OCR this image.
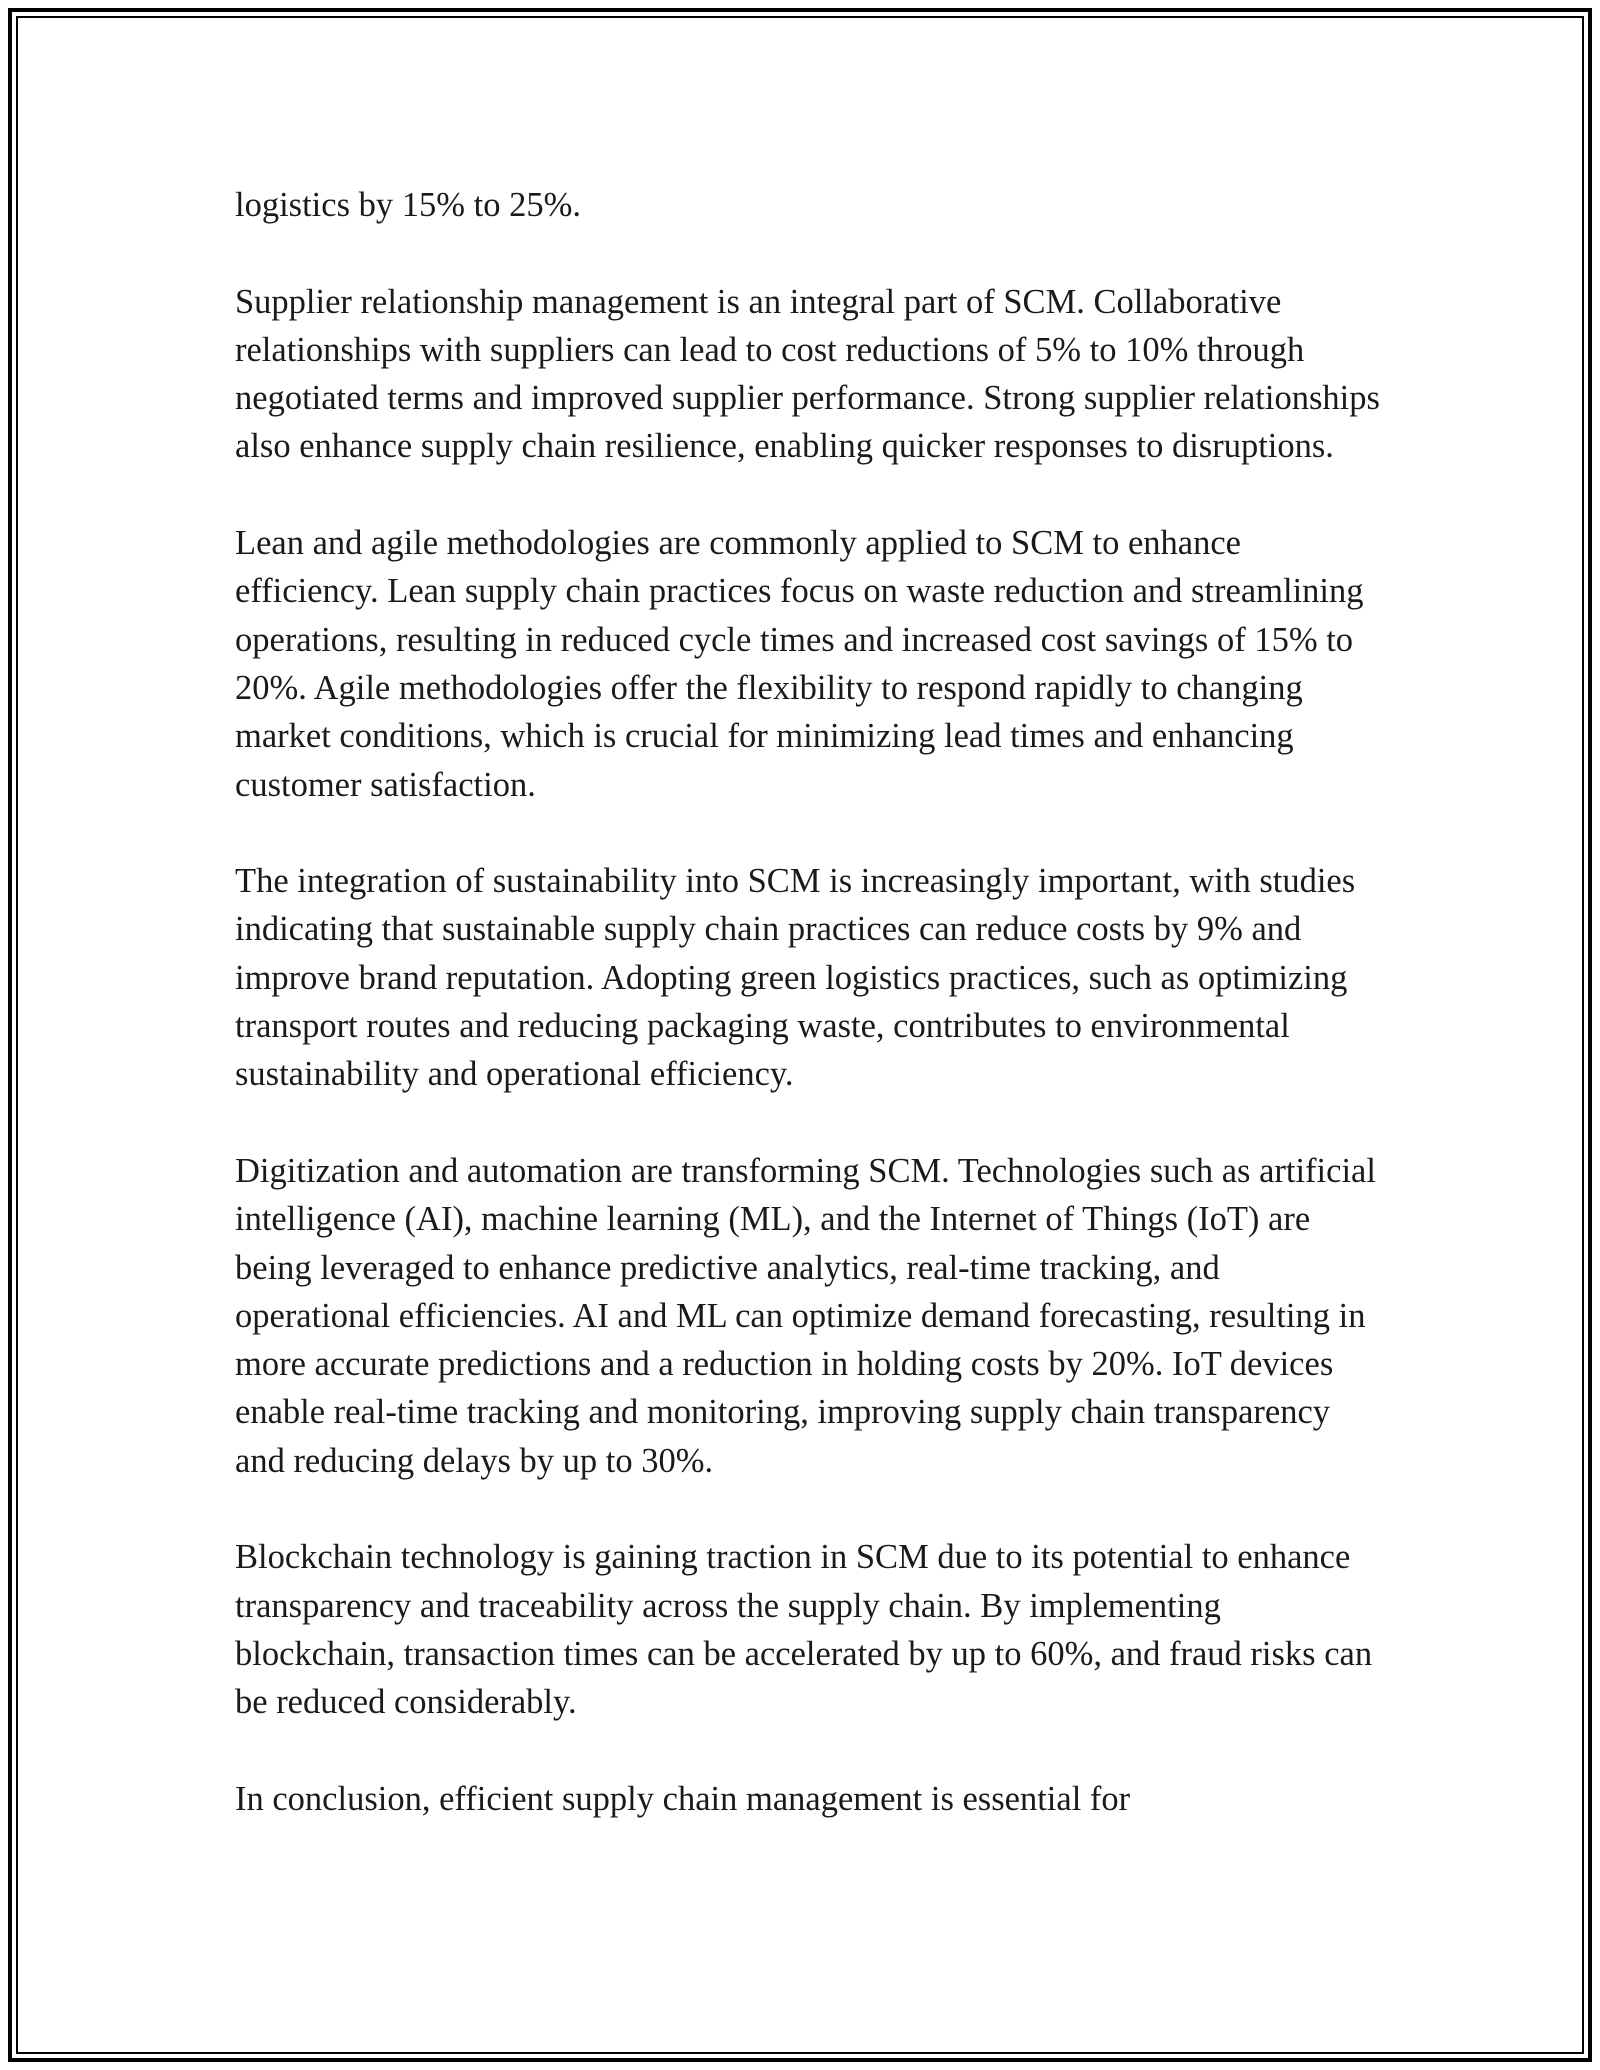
logistics by 15% to 25%.

Supplier relationship management is an integral part of SCM. Collaborative relationships with suppliers can lead to cost reductions of 5% to 10% through negotiated terms and improved supplier performance. Strong supplier relationships also enhance supply chain resilience, enabling quicker responses to disruptions.

Lean and agile methodologies are commonly applied to SCM to enhance efficiency. Lean supply chain practices focus on waste reduction and streamlining operations, resulting in reduced cycle times and increased cost savings of 15% to 20%. Agile methodologies offer the flexibility to respond rapidly to changing market conditions, which is crucial for minimizing lead times and enhancing customer satisfaction.

The integration of sustainability into SCM is increasingly important, with studies indicating that sustainable supply chain practices can reduce costs by 9% and improve brand reputation. Adopting green logistics practices, such as optimizing transport routes and reducing packaging waste, contributes to environmental sustainability and operational efficiency.

Digitization and automation are transforming SCM. Technologies such as artificial intelligence (AI), machine learning (ML), and the Internet of Things (IoT) are being leveraged to enhance predictive analytics, real-time tracking, and operational efficiencies. AI and ML can optimize demand forecasting, resulting in more accurate predictions and a reduction in holding costs by 20%. IoT devices enable real-time tracking and monitoring, improving supply chain transparency and reducing delays by up to 30%.

Blockchain technology is gaining traction in SCM due to its potential to enhance transparency and traceability across the supply chain. By implementing blockchain, transaction times can be accelerated by up to 60%, and fraud risks can be reduced considerably.

In conclusion, efficient supply chain management is essential for
